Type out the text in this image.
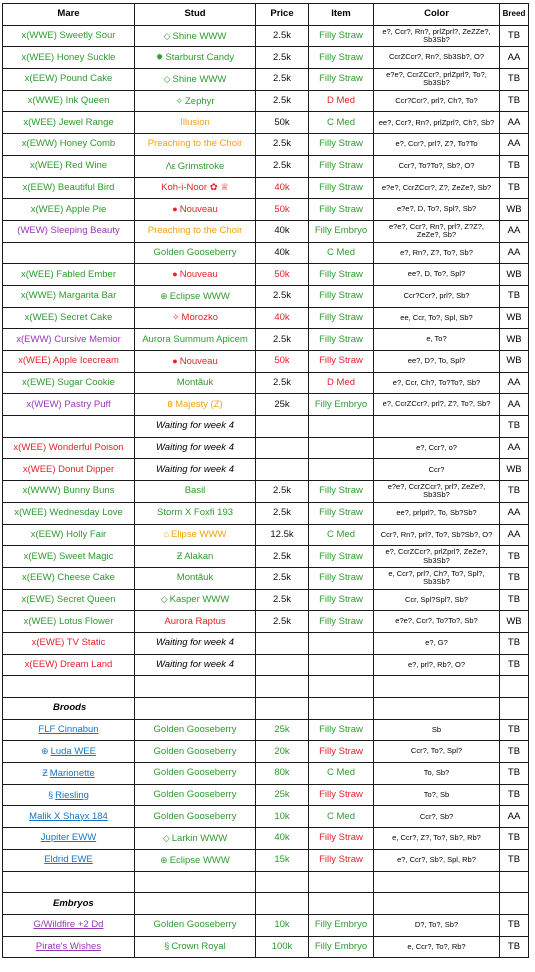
Mare	Stud	Price	Item	Color	Breed
x(WWE) Sweetly Sour	◇ Shine WWW	2.5k	Filly Straw	e?, Ccr?, Rn?, prlZprl?, ZeZZe?, Sb3Sb?	TB
x(WEE) Honey Suckle	✹ Starburst Candy	2.5k	Filly Straw	CcrZCcr?, Rn?, Sb3Sb?, O?	AA
x(EEW) Pound Cake	◇ Shine WWW	2.5k	Filly Straw	e?e?, CcrZCcr?, prlZprl?, To?, Sb3Sb?	TB
x(WWE) Ink Queen	✧ Zephyr	2.5k	D Med	Ccr?Ccr?, prl?, Ch?, To?	TB
x(WEE) Jewel Range	Illusion	50k	C Med	ee?, Ccr?, Rn?, prlZprl?, Ch?, Sb?	AA
x(EWW) Honey Comb	Preaching to the Choir	2.5k	Filly Straw	e?, Ccr?, prl?, Z?, To?To	AA
x(WEE) Red Wine	Λε Grimstroke	2.5k	Filly Straw	Ccr?, To?To?, Sb?, O?	TB
x(EEW) Beautiful Bird	Koh-i-Noor ✿ ♕	40k	Filly Straw	e?e?, CcrZCcr?, Z?, ZeZe?, Sb?	TB
x(WEE) Apple Pie	● Nouveau	50k	Filly Straw	e?e?, D, To?, Spl?, Sb?	WB
(WEW) Sleeping Beauty	Preaching to the Choir	40k	Filly Embryo	e?e?, Ccr?, Rn?, prl?, Z?Z?, ZeZe?, Sb?	AA
	Golden Gooseberry	40k	C Med	e?, Rn?, Z?, To?, Sb?	AA
x(WEE) Fabled Ember	● Nouveau	50k	Filly Straw	ee?, D, To?, Spl?	WB
x(WWE) Margarita Bar	⊕ Eclipse WWW	2.5k	Filly Straw	Ccr?Ccr?, prl?, Sb?	TB
x(WEE) Secret Cake	✧ Morozko	40k	Filly Straw	ee, Ccr, To?, Spl, Sb?	WB
x(EWW) Cursive Memior	Aurora Summum Apicem	2.5k	Filly Straw	e, To?	WB
x(WEE) Apple Icecream	● Nouveau	50k	Filly Straw	ee?, D?, To, Spl?	WB
x(EWE) Sugar Cookie	Montãuk	2.5k	D Med	e?, Ccr, Ch?, To?To?, Sb?	AA
x(WEW) Pastry Puff	฿ Majesty (Z)	25k	Filly Embryo	e?, CcrZCcr?, prl?, Z?, To?, Sb?	AA
	Waiting for week 4				TB
x(WEE) Wonderful Poison	Waiting for week 4			e?, Ccr?, o?	AA
x(WEE) Donut Dipper	Waiting for week 4			Ccr?	WB
x(WWW) Bunny Buns	Basil	2.5k	Filly Straw	e?e?, CcrZCcr?, prl?, ZeZe?, Sb3Sb?	TB
x(WEE) Wednesday Love	Storm X Foxfi 193	2.5k	Filly Straw	ee?, prlprl?, To, Sb?Sb?	AA
x(EEW) Holly Fair	⌂ Elipse WWW	12.5k	C Med	Ccr?, Rn?, prl?, To?, Sb?Sb?, O?	AA
x(EWE) Sweet Magic	Ƶ Alakan	2.5k	Filly Straw	e?, CcrZCcr?, prlZprl?, ZeZe?, Sb3Sb?	TB
x(EEW) Cheese Cake	Montãuk	2.5k	Filly Straw	e, Ccr?, prl?, Ch?, To?, Spl?, Sb3Sb?	TB
x(EWE) Secret Queen	◇ Kasper WWW	2.5k	Filly Straw	Ccr, Spl?Spl?, Sb?	TB
x(WEE) Lotus Flower	Aurora Raptus	2.5k	Filly Straw	e?e?, Ccr?, To?To?, Sb?	WB
x(EWE) TV Static	Waiting for week 4			e?, G?	TB
x(EEW) Dream Land	Waiting for week 4			e?, prl?, Rb?, O?	TB

Broods					
FLF Cinnabun	Golden Gooseberry	25k	Filly Straw	Sb	TB
⊕ Luda WEE	Golden Gooseberry	20k	Filly Straw	Ccr?, To?, Spl?	TB
Ƶ Marionette	Golden Gooseberry	80k	C Med	To, Sb?	TB
§ Riesling	Golden Gooseberry	25k	Filly Straw	To?, Sb	TB
Malik X Shayx 184	Golden Gooseberry	10k	C Med	Ccr?, Sb?	AA
Jupiter EWW	◇ Larkin WWW	40k	Filly Straw	e, Ccr?, Z?, To?, Sb?, Rb?	TB
Eldrid EWE	⊕ Eclipse WWW	15k	Filly Straw	e?, Ccr?, Sb?, Spl, Rb?	TB

Embryos					
G/Wildfire +2 Dd	Golden Gooseberry	10k	Filly Embryo	D?, To?, Sb?	TB
Pirate's Wishes	§ Crown Royal	100k	Filly Embryo	e, Ccr?, To?, Rb?	TB
